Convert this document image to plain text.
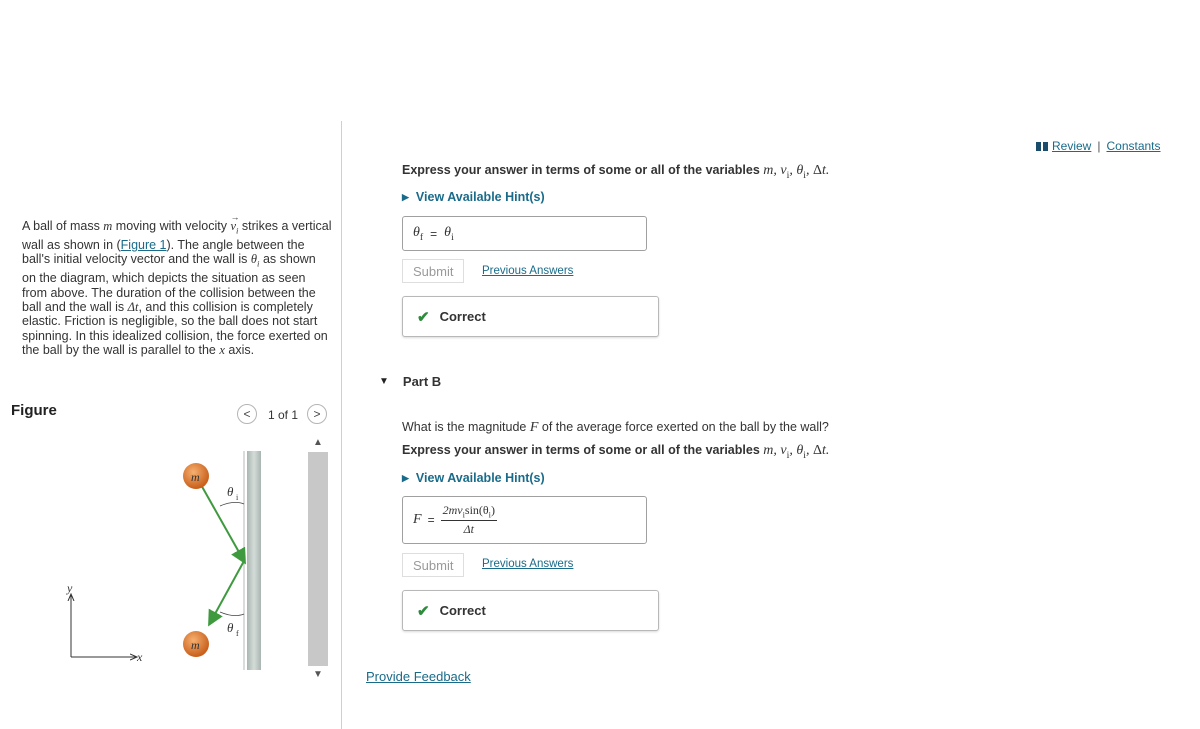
A ball of mass m moving with velocity
→
$v_i$ strikes a vertical wall as shown in (Figure 1). The angle between the ball's initial velocity vector and the wall is $\theta_i$ as shown on the diagram, which depicts the situation as seen from above. The duration of the collision between the ball and the wall is Δt, and this collision is completely elastic. Friction is negligible, so the ball does not start spinning. In this idealized collision, the force exerted on the ball by the wall is parallel to the x axis.
Figure	< 1 of 1 >
m
m
θ i
θ f
y
x
▲
▼
Review | Constants
Express your answer in terms of some or all of the variables m, $v_i$, $\theta_i$, Δt.
▶ View Available Hint(s)
$\theta_f = \theta_i$
Submit	Previous Answers
✔ Correct
▼ Part B
What is the magnitude F of the average force exerted on the ball by the wall?
Express your answer in terms of some or all of the variables m, $v_i$, $\theta_i$, Δt.
▶ View Available Hint(s)
F =
$2mv_i\sin(\theta_i)$
Δt
Submit	Previous Answers
✔ Correct
Provide Feedback
